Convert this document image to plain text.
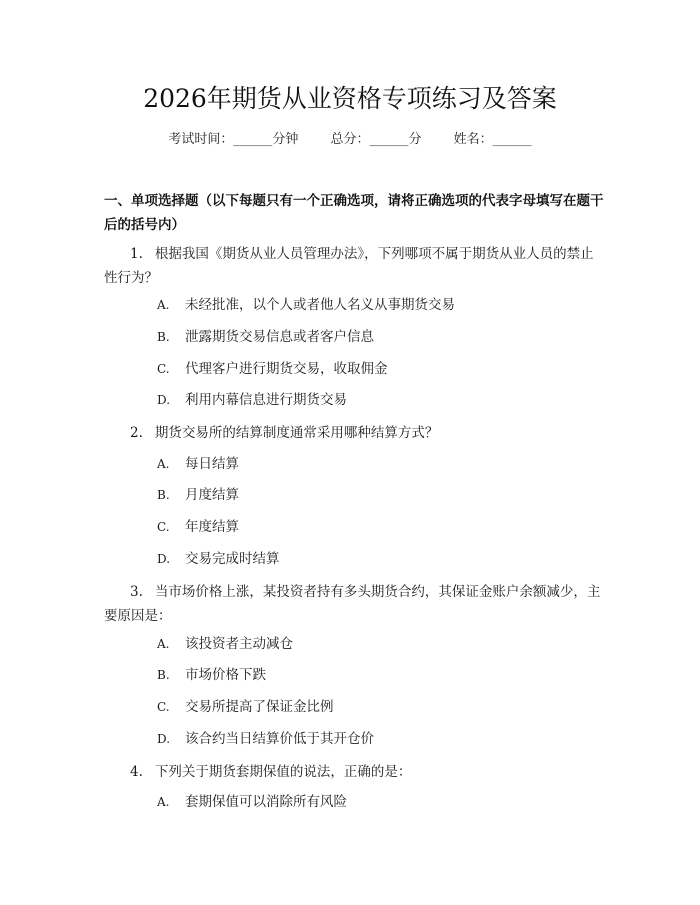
2026年期货从业资格专项练习及答案
考试时间：______分钟 总分：______分 姓名：______
一、单项选择题（以下每题只有一个正确选项，请将正确选项的代表字母填写在题干后的括号内）
1. 根据我国《期货从业人员管理办法》，下列哪项不属于期货从业人员的禁止性行为？
A. 未经批准，以个人或者他人名义从事期货交易
B. 泄露期货交易信息或者客户信息
C. 代理客户进行期货交易，收取佣金
D. 利用内幕信息进行期货交易
2. 期货交易所的结算制度通常采用哪种结算方式？
A. 每日结算
B. 月度结算
C. 年度结算
D. 交易完成时结算
3. 当市场价格上涨，某投资者持有多头期货合约，其保证金账户余额减少，主要原因是：
A. 该投资者主动减仓
B. 市场价格下跌
C. 交易所提高了保证金比例
D. 该合约当日结算价低于其开仓价
4. 下列关于期货套期保值的说法，正确的是：
A. 套期保值可以消除所有风险
